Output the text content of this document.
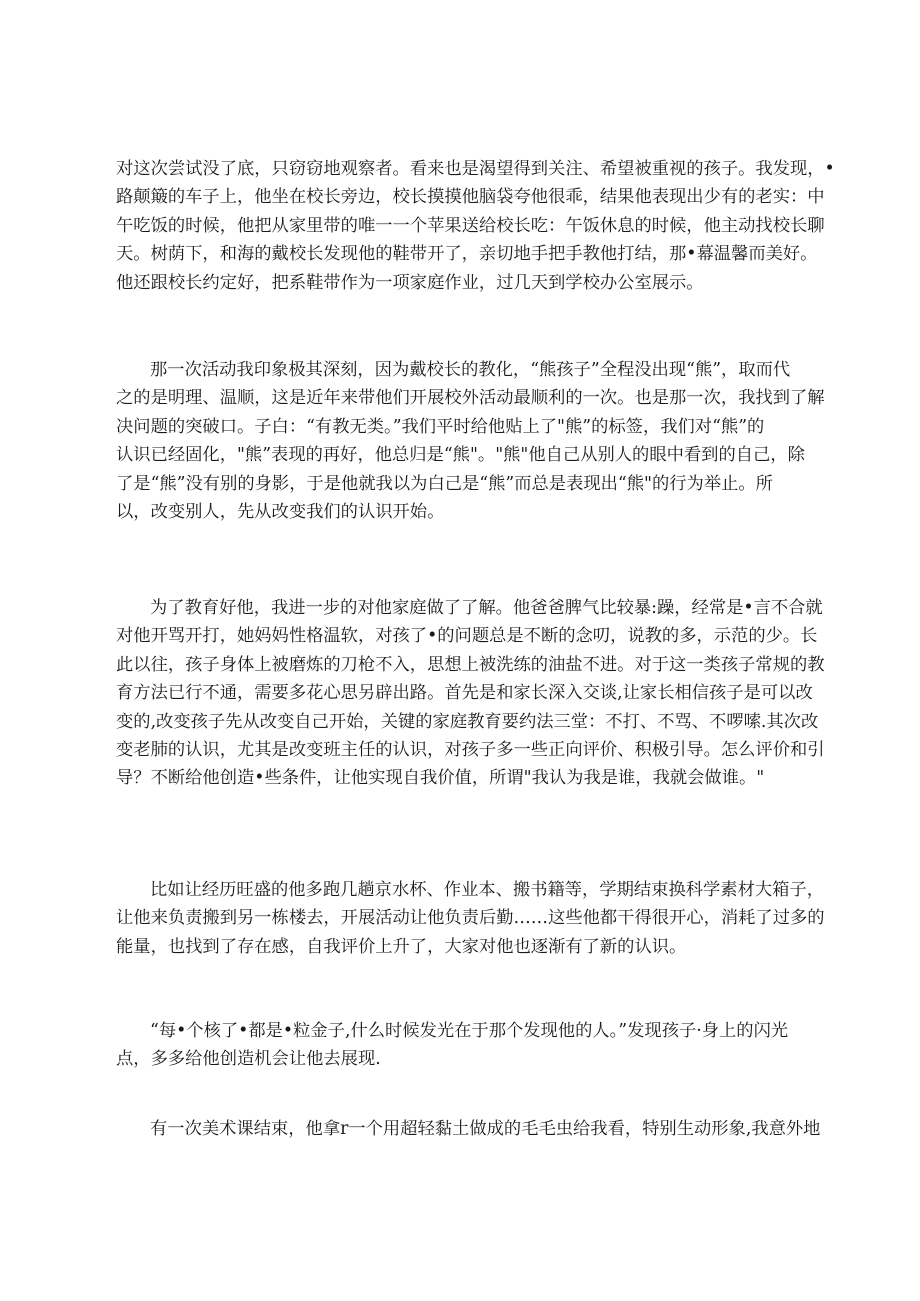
对这次尝试没了底，只窃窃地观察者。看来也是渴望得到关注、希望被重视的孩子。我发现，•
路颠簸的车子上，他坐在校长旁边，校长摸摸他脑袋夸他很乖，结果他表现出少有的老实：中
午吃饭的时候，他把从家里带的唯一一个苹果送给校长吃：午饭休息的时候，他主动找校长聊
天。树荫下，和海的戴校长发现他的鞋带开了，亲切地手把手教他打结，那•幕温馨而美好。
他还跟校长约定好，把系鞋带作为一项家庭作业，过几天到学校办公室展示。
那一次活动我印象极其深刻，因为戴校长的教化，“熊孩子”全程没出现“熊”，取而代
之的是明理、温顺，这是近年来带他们开展校外活动最顺利的一次。也是那一次，我找到了解
决问题的突破口。子白：“有教无类。”我们平时给他贴上了"熊”的标签，我们对“熊”的
认识已经固化，"熊”表现的再好，他总归是“熊"。"熊"他自己从别人的眼中看到的自己，除
了是“熊”没有别的身影，于是他就我以为白己是“熊”而总是表现出“熊"的行为举止。所
以，改变别人，先从改变我们的认识开始。
为了教育好他，我进一步的对他家庭做了了解。他爸爸脾气比较暴:躁，经常是•言不合就
对他开骂开打，她妈妈性格温软，对孩了•的问题总是不断的念叨，说教的多，示范的少。长
此以往，孩子身体上被磨炼的刀枪不入，思想上被洗练的油盐不进。对于这一类孩子常规的教
育方法已行不通，需要多花心思另辟出路。首先是和家长深入交谈,让家长相信孩子是可以改
变的,改变孩子先从改变自己开始，关键的家庭教育要约法三堂：不打、不骂、不啰嗦.其次改
变老肺的认识，尤其是改变班主任的认识，对孩子多一些正向评价、积极引导。怎么评价和引
导？不断给他创造•些条件，让他实现自我价值，所谓"我认为我是谁，我就会做谁。"
比如让经历旺盛的他多跑几趟京水杯、作业本、搬书籍等，学期结束换科学素材大箱子，
让他来负责搬到另一栋楼去，开展活动让他负责后勤……这些他都干得很开心，消耗了过多的
能量，也找到了存在感，自我评价上升了，大家对他也逐渐有了新的认识。
“每•个核了•都是•粒金子,什么时候发光在于那个发现他的人。”发现孩子·身上的闪光
点，多多给他创造机会让他去展现.
有一次美术课结束，他拿r一个用超轻黏土做成的毛毛虫给我看，特别生动形象,我意外地
